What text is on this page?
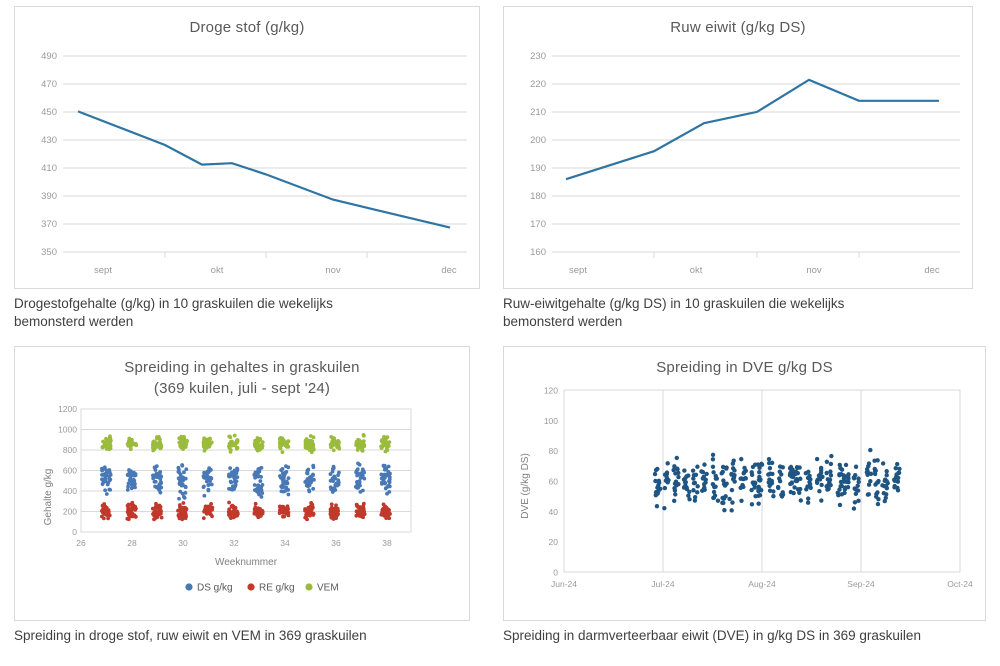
Droge stof (g/kg)
490
470
450
430
410
390
370
350
sept	okt	nov	dec
Drogestofgehalte (g/kg) in 10 graskuilen die wekelijks bemonsterd werden
Ruw eiwit (g/kg DS)
230
220
210
200
190
180
170
160
sept	okt	nov	dec
Ruw-eiwitgehalte (g/kg DS) in 10 graskuilen die wekelijks bemonsterd werden
Spreiding in gehaltes in graskuilen
(369 kuilen, juli - sept '24)
Gehalte g/kg
1200
1000
800
600
400
200
0
26	28	30	32	34	36	38
Weeknummer
DS g/kg	RE g/kg VEM
Spreiding in droge stof, ruw eiwit en VEM in 369 graskuilen
Spreiding in DVE g/kg DS
DVE (g/kg DS)
120
100
80
60
40
20
0
Jun-24	Jul-24	Aug-24	Sep-24	Oct-24
Spreiding in darmverteerbaar eiwit (DVE) in g/kg DS in 369 graskuilen
